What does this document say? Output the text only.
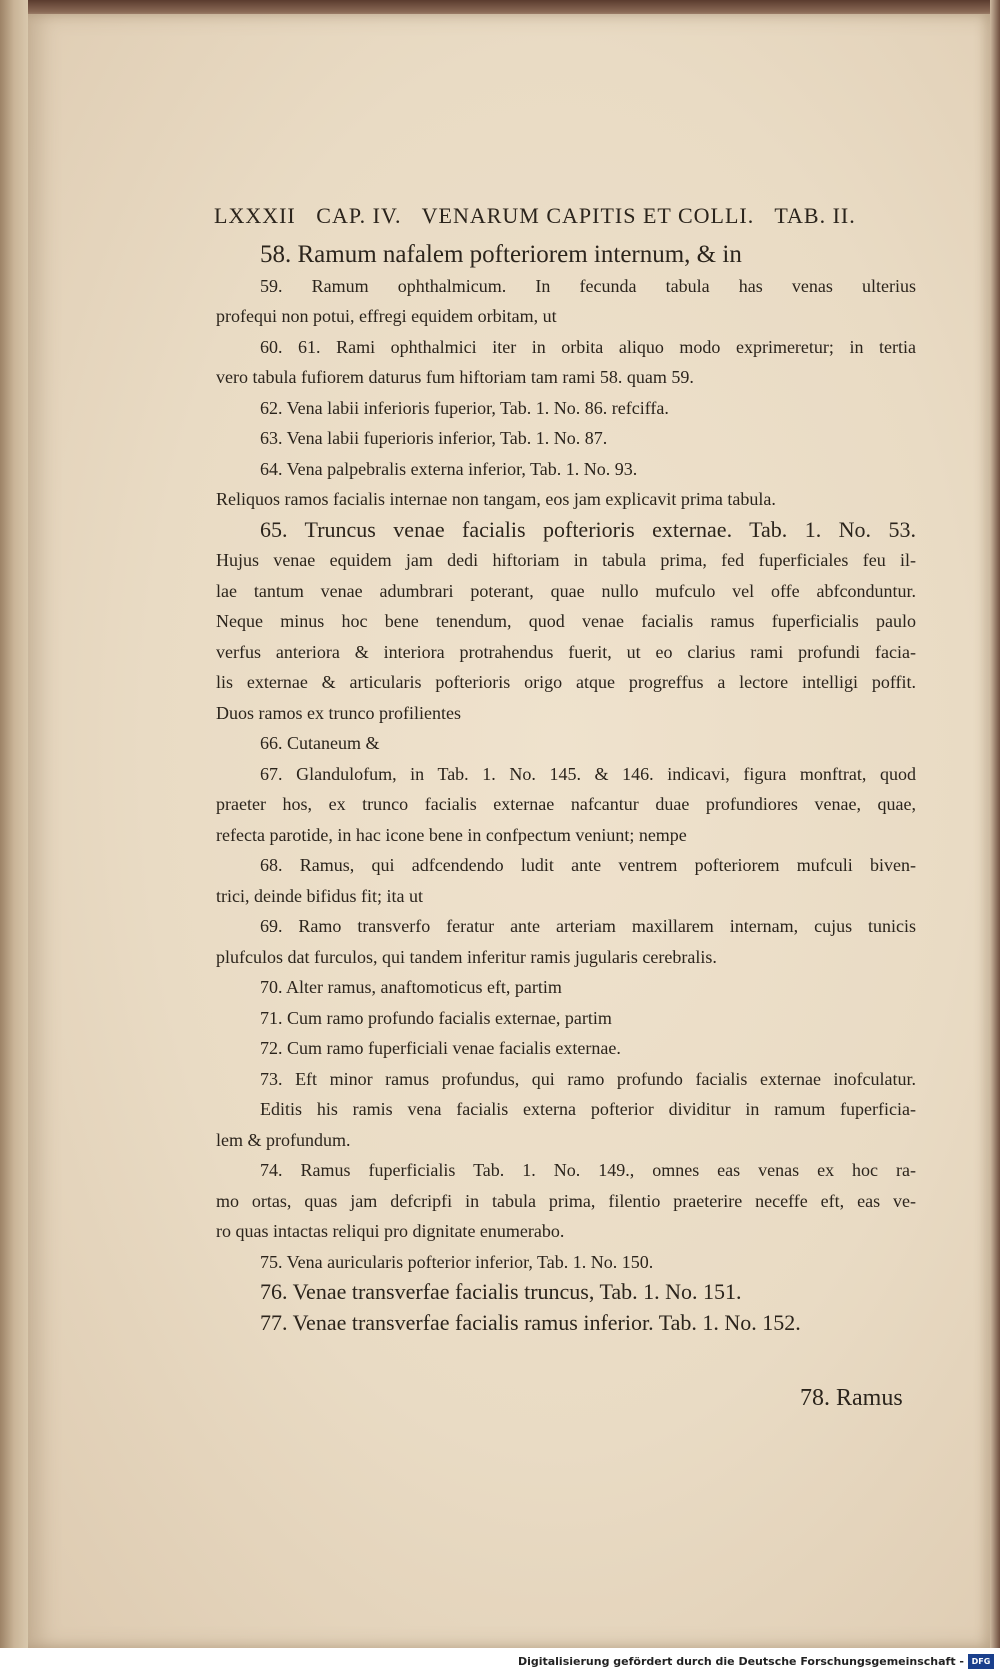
LXXXII CAP. IV. VENARUM CAPITIS ET COLLI. TAB. II.
58. Ramum nafalem pofteriorem internum, & in
59. Ramum ophthalmicum. In fecunda tabula has venas ulterius
profequi non potui, effregi equidem orbitam, ut
60. 61. Rami ophthalmici iter in orbita aliquo modo exprimeretur; in tertia
vero tabula fufiorem daturus fum hiftoriam tam rami 58. quam 59.
62. Vena labii inferioris fuperior, Tab. 1. No. 86. refciffa.
63. Vena labii fuperioris inferior, Tab. 1. No. 87.
64. Vena palpebralis externa inferior, Tab. 1. No. 93.
Reliquos ramos facialis internae non tangam, eos jam explicavit prima tabula.
65. Truncus venae facialis pofterioris externae. Tab. 1. No. 53.
Hujus venae equidem jam dedi hiftoriam in tabula prima, fed fuperficiales feu il-
lae tantum venae adumbrari poterant, quae nullo mufculo vel offe abfconduntur.
Neque minus hoc bene tenendum, quod venae facialis ramus fuperficialis paulo
verfus anteriora & interiora protrahendus fuerit, ut eo clarius rami profundi facia-
lis externae & articularis pofterioris origo atque progreffus a lectore intelligi poffit.
Duos ramos ex trunco profilientes
66. Cutaneum &
67. Glandulofum, in Tab. 1. No. 145. & 146. indicavi, figura monftrat, quod
praeter hos, ex trunco facialis externae nafcantur duae profundiores venae, quae,
refecta parotide, in hac icone bene in confpectum veniunt; nempe
68. Ramus, qui adfcendendo ludit ante ventrem pofteriorem mufculi biven-
trici, deinde bifidus fit; ita ut
69. Ramo transverfo feratur ante arteriam maxillarem internam, cujus tunicis
plufculos dat furculos, qui tandem inferitur ramis jugularis cerebralis.
70. Alter ramus, anaftomoticus eft, partim
71. Cum ramo profundo facialis externae, partim
72. Cum ramo fuperficiali venae facialis externae.
73. Eft minor ramus profundus, qui ramo profundo facialis externae inofculatur.
Editis his ramis vena facialis externa pofterior dividitur in ramum fuperficia-
lem & profundum.
74. Ramus fuperficialis Tab. 1. No. 149., omnes eas venas ex hoc ra-
mo ortas, quas jam defcripfi in tabula prima, filentio praeterire neceffe eft, eas ve-
ro quas intactas reliqui pro dignitate enumerabo.
75. Vena auricularis pofterior inferior, Tab. 1. No. 150.
76. Venae transverfae facialis truncus, Tab. 1. No. 151.
77. Venae transverfae facialis ramus inferior. Tab. 1. No. 152.
78. Ramus
Digitalisierung gefördert durch die Deutsche Forschungsgemeinschaft - DFG
